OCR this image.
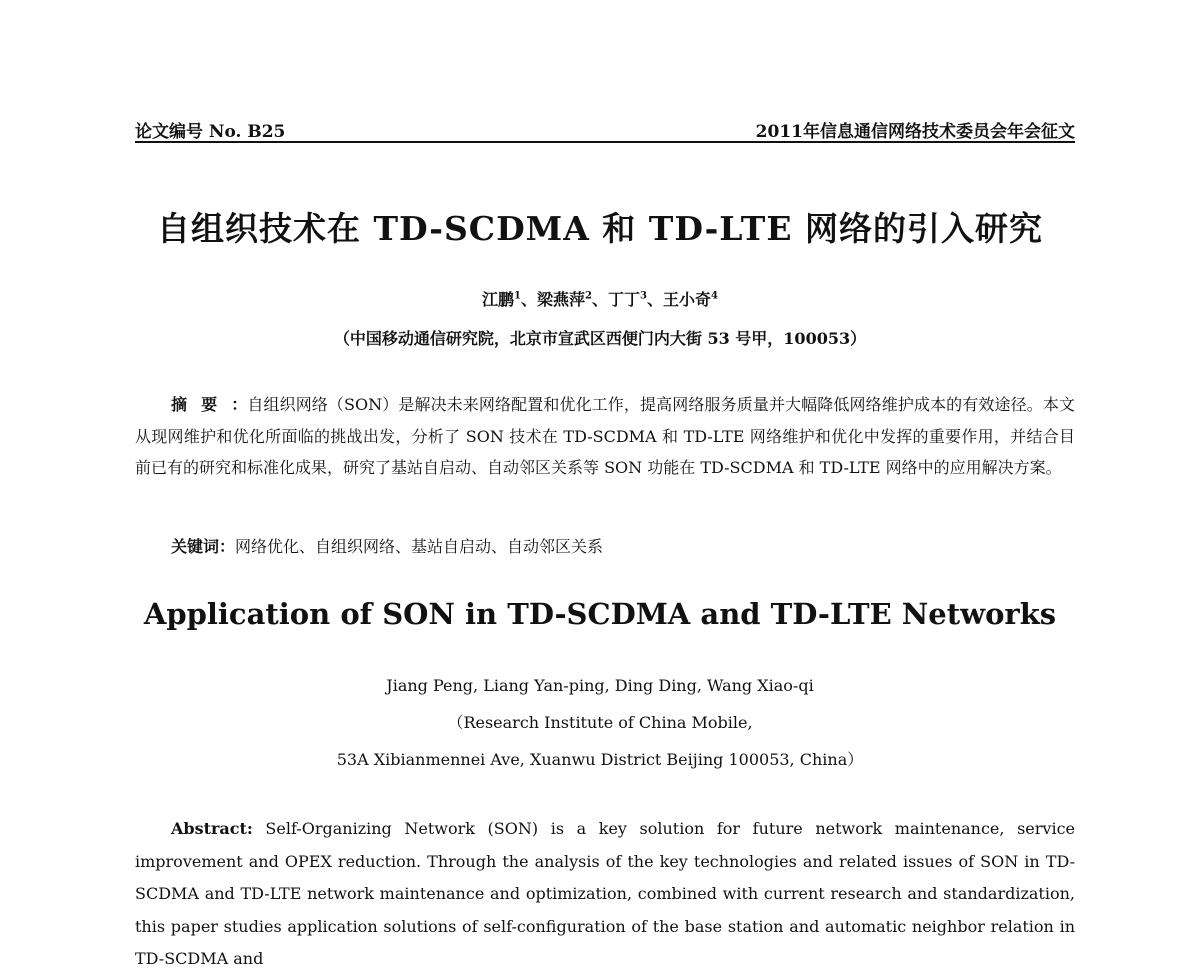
论文编号 No. B25	2011年信息通信网络技术委员会年会征文
自组织技术在 TD-SCDMA 和 TD-LTE 网络的引入研究
江鹏$^1$、梁燕萍$^2$、丁丁$^3$、王小奇$^4$
（中国移动通信研究院，北京市宣武区西便门内大街 53 号甲，100053）
摘要：自组织网络（SON）是解决未来网络配置和优化工作，提高网络服务质量并大幅降低网络维护成本的有效途径。本文从现网维护和优化所面临的挑战出发，分析了 SON 技术在 TD-SCDMA 和 TD-LTE 网络维护和优化中发挥的重要作用，并结合目前已有的研究和标准化成果，研究了基站自启动、自动邻区关系等 SON 功能在 TD-SCDMA 和 TD-LTE 网络中的应用解决方案。
关键词：网络优化、自组织网络、基站自启动、自动邻区关系
Application of SON in TD-SCDMA and TD-LTE Networks
Jiang Peng, Liang Yan-ping, Ding Ding, Wang Xiao-qi
（Research Institute of China Mobile,
53A Xibianmennei Ave, Xuanwu District Beijing 100053, China）
Abstract: Self-Organizing Network (SON) is a key solution for future network maintenance, service improvement and OPEX reduction. Through the analysis of the key technologies and related issues of SON in TD-SCDMA and TD-LTE network maintenance and optimization, combined with current research and standardization, this paper studies application solutions of self-configuration of the base station and automatic neighbor relation in TD-SCDMA and
